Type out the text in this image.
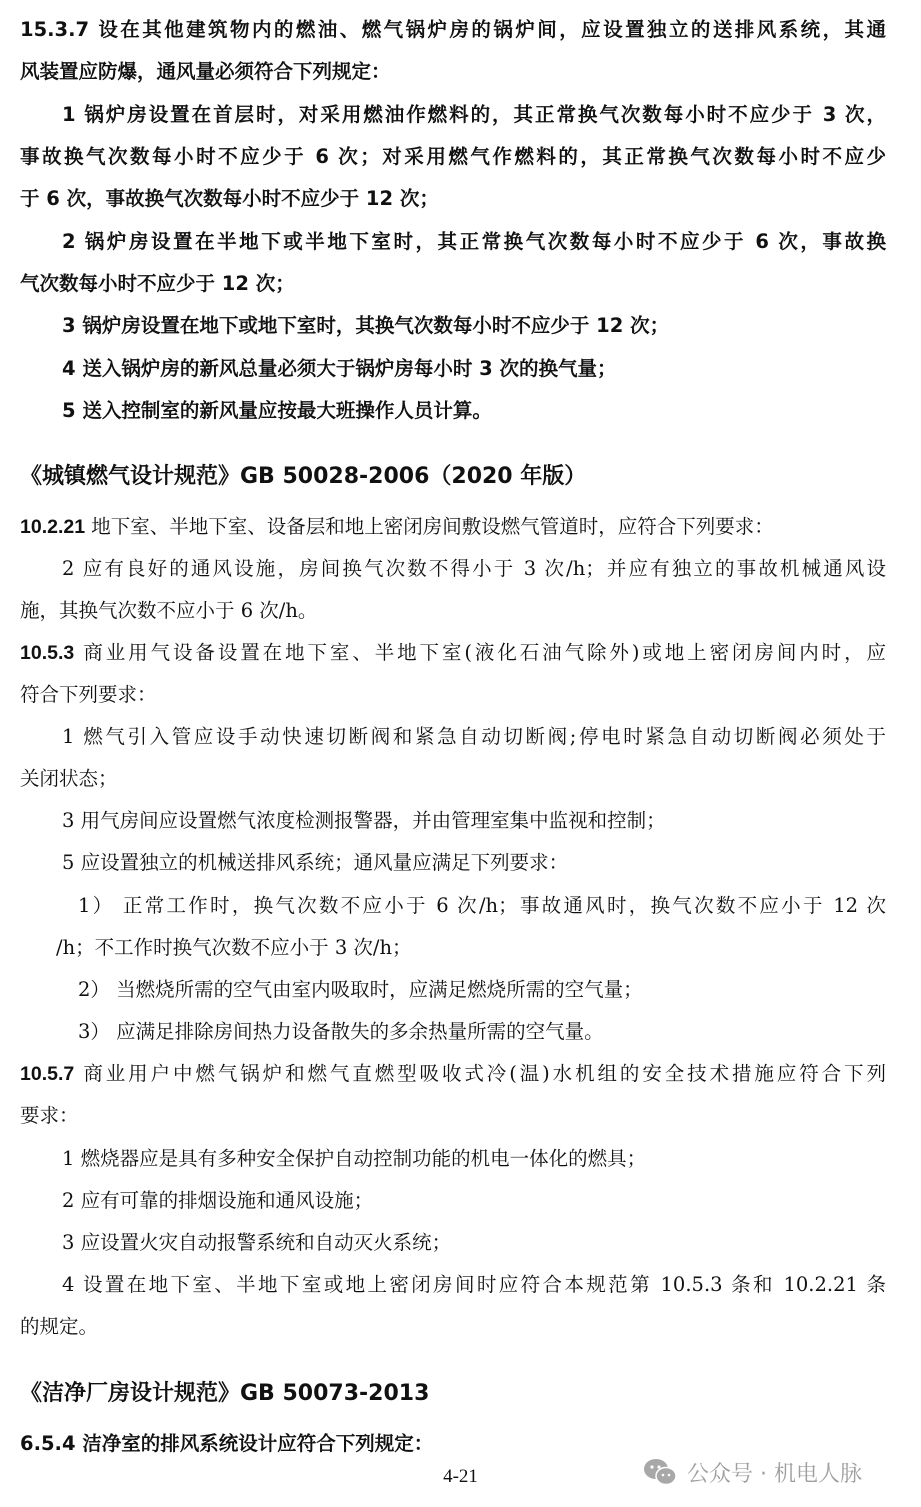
15.3.7 设在其他建筑物内的燃油、燃气锅炉房的锅炉间，应设置独立的送排风系统，其通
风装置应防爆，通风量必须符合下列规定：
1 锅炉房设置在首层时，对采用燃油作燃料的，其正常换气次数每小时不应少于 3 次，
事故换气次数每小时不应少于 6 次；对采用燃气作燃料的，其正常换气次数每小时不应少
于 6 次，事故换气次数每小时不应少于 12 次；
2 锅炉房设置在半地下或半地下室时，其正常换气次数每小时不应少于 6 次，事故换
气次数每小时不应少于 12 次；
3 锅炉房设置在地下或地下室时，其换气次数每小时不应少于 12 次；
4 送入锅炉房的新风总量必须大于锅炉房每小时 3 次的换气量；
5 送入控制室的新风量应按最大班操作人员计算。
《城镇燃气设计规范》GB 50028-2006（2020 年版）
10.2.21 地下室、半地下室、设备层和地上密闭房间敷设燃气管道时，应符合下列要求：
2 应有良好的通风设施，房间换气次数不得小于 3 次/h；并应有独立的事故机械通风设
施，其换气次数不应小于 6 次/h。
10.5.3 商业用气设备设置在地下室、半地下室(液化石油气除外)或地上密闭房间内时，应
符合下列要求：
1 燃气引入管应设手动快速切断阀和紧急自动切断阀;停电时紧急自动切断阀必须处于
关闭状态；
3 用气房间应设置燃气浓度检测报警器，并由管理室集中监视和控制；
5 应设置独立的机械送排风系统；通风量应满足下列要求：
1） 正常工作时，换气次数不应小于 6 次/h；事故通风时，换气次数不应小于 12 次
/h；不工作时换气次数不应小于 3 次/h；
2） 当燃烧所需的空气由室内吸取时，应满足燃烧所需的空气量；
3） 应满足排除房间热力设备散失的多余热量所需的空气量。
10.5.7 商业用户中燃气锅炉和燃气直燃型吸收式冷(温)水机组的安全技术措施应符合下列
要求：
1 燃烧器应是具有多种安全保护自动控制功能的机电一体化的燃具；
2 应有可靠的排烟设施和通风设施；
3 应设置火灾自动报警系统和自动灭火系统；
4 设置在地下室、半地下室或地上密闭房间时应符合本规范第 10.5.3 条和 10.2.21 条
的规定。
《洁净厂房设计规范》GB 50073-2013
6.5.4 洁净室的排风系统设计应符合下列规定：
4-21	公众号 · 机电人脉
